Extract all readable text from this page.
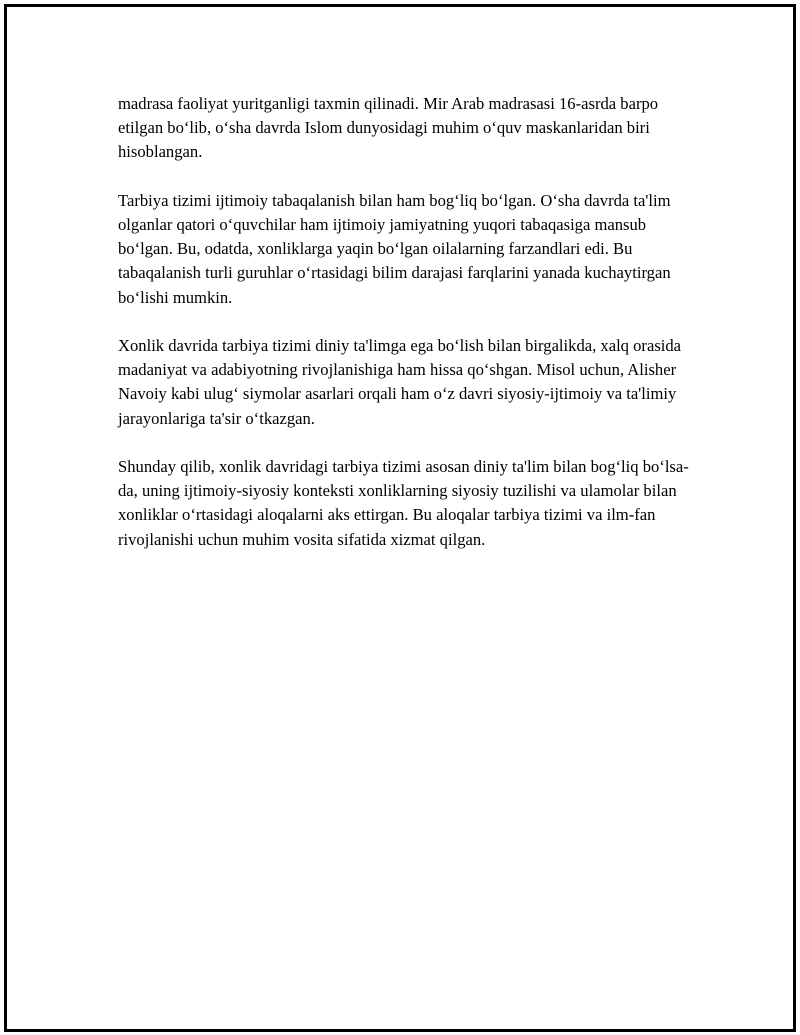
madrasa faoliyat yuritganligi taxmin qilinadi. Mir Arab madrasasi 16-asrda barpo etilgan bo‘lib, o‘sha davrda Islom dunyosidagi muhim o‘quv maskanlaridan biri hisoblangan.

Tarbiya tizimi ijtimoiy tabaqalanish bilan ham bog‘liq bo‘lgan. O‘sha davrda ta'lim olganlar qatori o‘quvchilar ham ijtimoiy jamiyatning yuqori tabaqasiga mansub bo‘lgan. Bu, odatda, xonliklarga yaqin bo‘lgan oilalarning farzandlari edi. Bu tabaqalanish turli guruhlar o‘rtasidagi bilim darajasi farqlarini yanada kuchaytirgan bo‘lishi mumkin.

Xonlik davrida tarbiya tizimi diniy ta'limga ega bo‘lish bilan birgalikda, xalq orasida madaniyat va adabiyotning rivojlanishiga ham hissa qo‘shgan. Misol uchun, Alisher Navoiy kabi ulug‘ siymolar asarlari orqali ham o‘z davri siyosiy-ijtimoiy va ta'limiy jarayonlariga ta'sir o‘tkazgan.

Shunday qilib, xonlik davridagi tarbiya tizimi asosan diniy ta'lim bilan bog‘liq bo‘lsa-da, uning ijtimoiy-siyosiy konteksti xonliklarning siyosiy tuzilishi va ulamolar bilan xonliklar o‘rtasidagi aloqalarni aks ettirgan. Bu aloqalar tarbiya tizimi va ilm-fan rivojlanishi uchun muhim vosita sifatida xizmat qilgan.
